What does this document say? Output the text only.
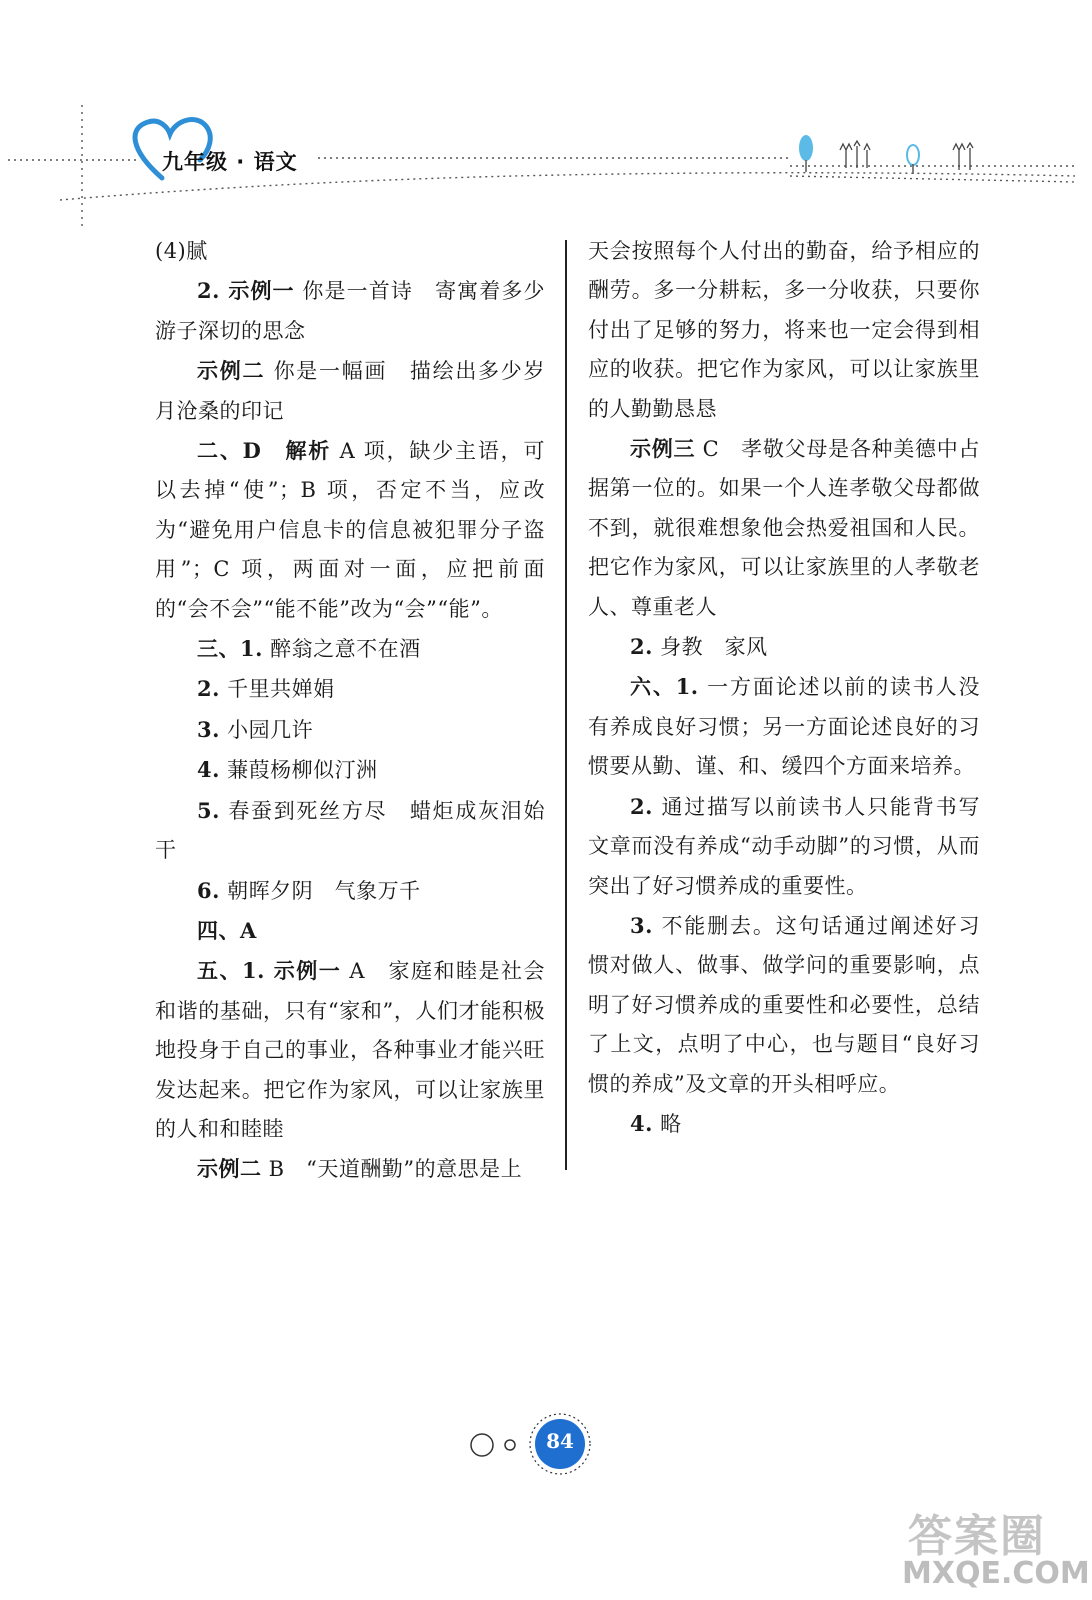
九年级 · 语文

(4)腻

2. 示例一 你是一首诗　寄寓着多少游子深切的思念

示例二 你是一幅画　描绘出多少岁月沧桑的印记

二、D　解析 A 项，缺少主语，可以去掉“使”；B 项，否定不当，应改为“避免用户信息卡的信息被犯罪分子盗用”；C 项，两面对一面，应把前面的“会不会”“能不能”改为“会”“能”。

三、1. 醉翁之意不在酒

2. 千里共婵娟

3. 小园几许

4. 蒹葭杨柳似汀洲

5. 春蚕到死丝方尽　蜡炬成灰泪始干

6. 朝晖夕阴　气象万千

四、A

五、1. 示例一 A　家庭和睦是社会和谐的基础，只有“家和”，人们才能积极地投身于自己的事业，各种事业才能兴旺发达起来。把它作为家风，可以让家族里的人和和睦睦

示例二 B　“天道酬勤”的意思是上

天会按照每个人付出的勤奋，给予相应的酬劳。多一分耕耘，多一分收获，只要你付出了足够的努力，将来也一定会得到相应的收获。把它作为家风，可以让家族里的人勤勤恳恳

示例三 C　孝敬父母是各种美德中占据第一位的。如果一个人连孝敬父母都做不到，就很难想象他会热爱祖国和人民。把它作为家风，可以让家族里的人孝敬老人、尊重老人

2. 身教　家风

六、1. 一方面论述以前的读书人没有养成良好习惯；另一方面论述良好的习惯要从勤、谨、和、缓四个方面来培养。

2. 通过描写以前读书人只能背书写文章而没有养成“动手动脚”的习惯，从而突出了好习惯养成的重要性。

3. 不能删去。这句话通过阐述好习惯对做人、做事、做学问的重要影响，点明了好习惯养成的重要性和必要性，总结了上文，点明了中心，也与题目“良好习惯的养成”及文章的开头相呼应。

4. 略

84
答案圈
MXQE.COM
